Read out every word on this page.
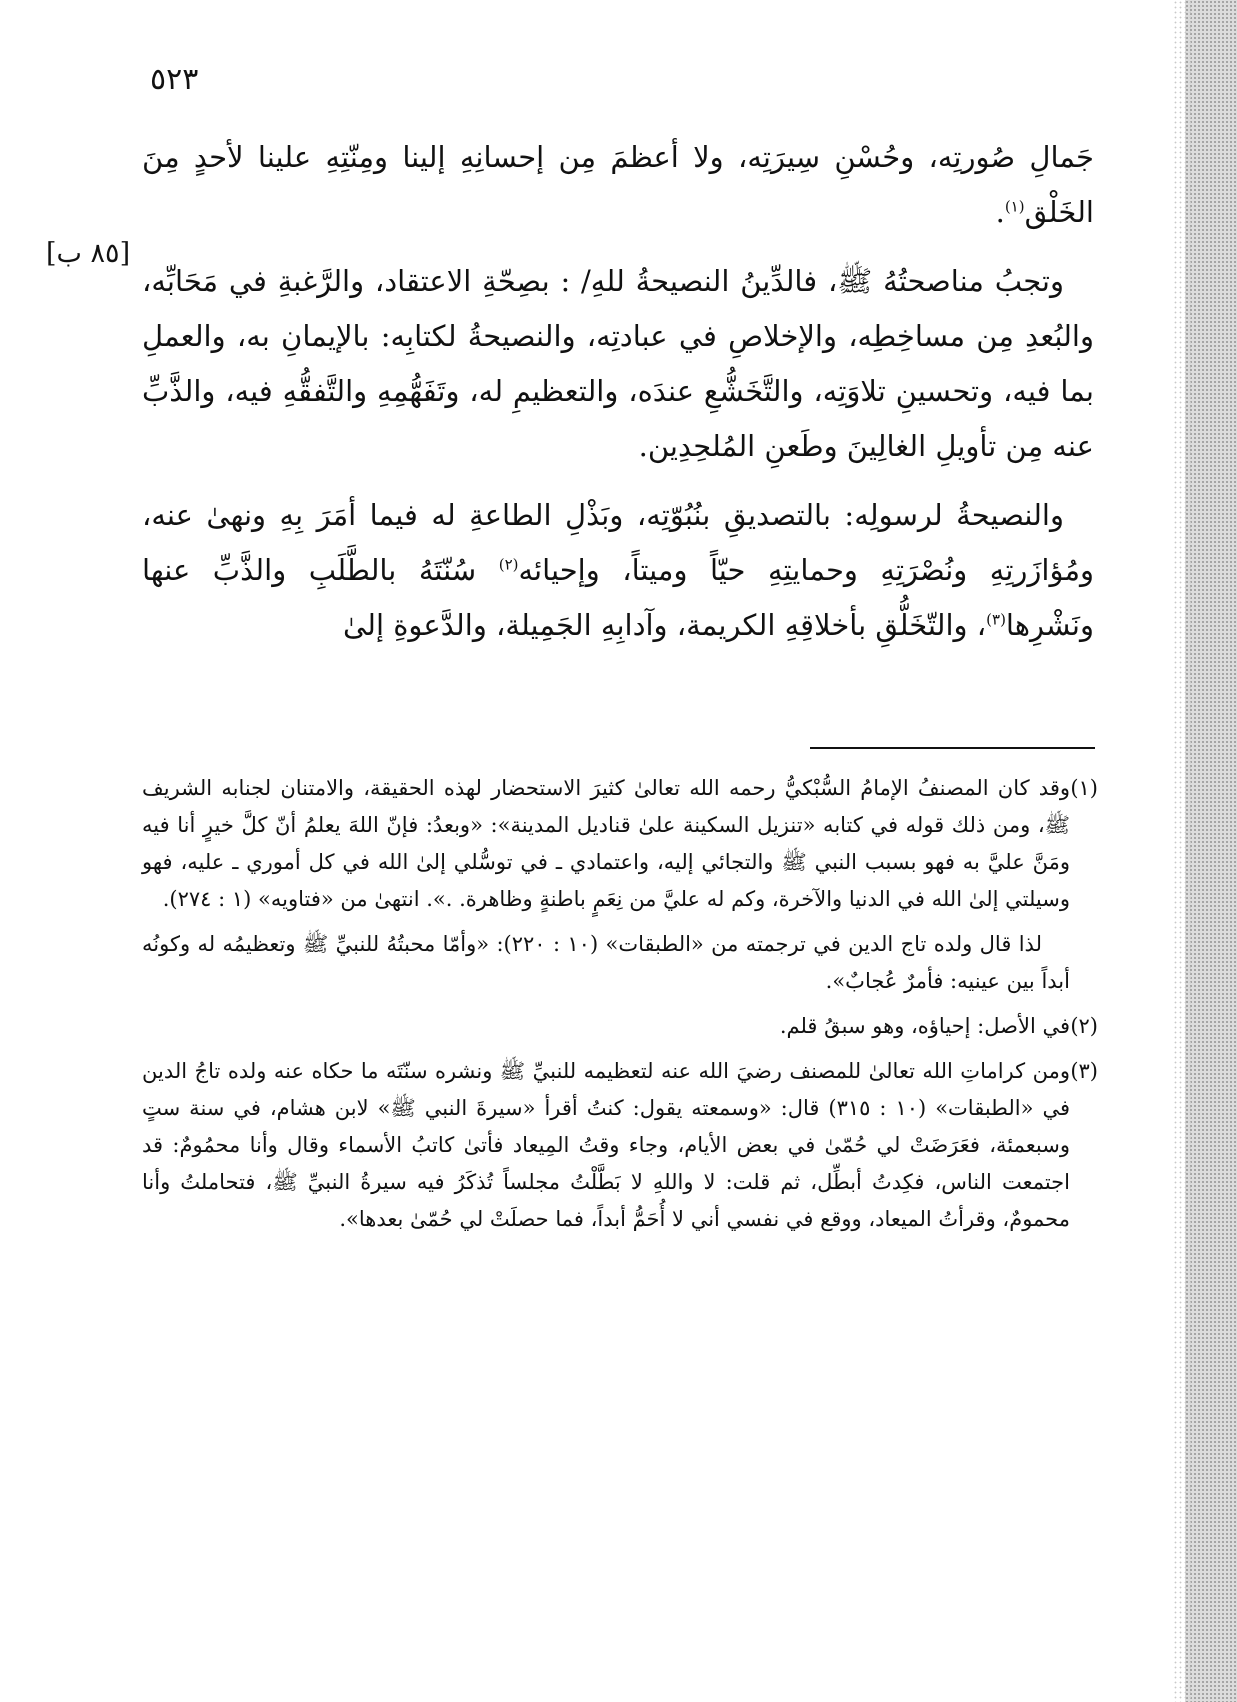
٥٢٣
[٨٥ ب]

جَمالِ صُورتِه، وحُسْنِ سِيرَتِه، ولا أعظمَ مِن إحسانِهِ إلينا ومِنّتِهِ علينا لأحدٍ مِنَ الخَلْق$^{(١)}$.

وتجبُ مناصحتُهُ ﷺ، فالدِّينُ النصيحةُ للهِ/ : بصِحّةِ الاعتقاد، والرَّغبةِ في مَحَابِّه، والبُعدِ مِن مساخِطِه، والإخلاصِ في عبادتِه، والنصيحةُ لكتابِه: بالإيمانِ به، والعملِ بما فيه، وتحسينِ تلاوَتِه، والتَّخَشُّعِ عندَه، والتعظيمِ له، وتَفَهُّمِهِ والتَّفقُّهِ فيه، والذَّبِّ عنه مِن تأويلِ الغالِينَ وطَعنِ المُلحِدِين.

والنصيحةُ لرسولِه: بالتصديقِ بنُبُوّتِه، وبَذْلِ الطاعةِ له فيما أمَرَ بِهِ ونهىٰ عنه، ومُؤازَرتِهِ ونُصْرَتِهِ وحمايتِهِ حيّاً وميتاً، وإحيائه$^{(٢)}$ سُنّتَهُ بالطَّلَبِ والذَّبِّ عنها ونَشْرِها$^{(٣)}$، والتّخَلُّقِ بأخلاقِهِ الكريمة، وآدابِهِ الجَمِيلة، والدَّعوةِ إلىٰ

(١)وقد كان المصنفُ الإمامُ السُّبْكيُّ رحمه الله تعالىٰ كثيرَ الاستحضار لهذه الحقيقة، والامتنان لجنابه الشريف ﷺ، ومن ذلك قوله في كتابه «تنزيل السكينة علىٰ قناديل المدينة»: «وبعدُ: فإنّ اللهَ يعلمُ أنّ كلَّ خيرٍ أنا فيه ومَنَّ عليَّ به فهو بسبب النبي ﷺ والتجائي إليه، واعتمادي ـ في توسُّلي إلىٰ الله في كل أموري ـ عليه، فهو وسيلتي إلىٰ الله في الدنيا والآخرة، وكم له عليَّ من نِعَمٍ باطنةٍ وظاهرة. .». انتهىٰ من «فتاويه» (١ : ٢٧٤).

لذا قال ولده تاج الدين في ترجمته من «الطبقات» (١٠ : ٢٢٠): «وأمّا محبتُهُ للنبيِّ ﷺ وتعظيمُه له وكونُه أبداً بين عينيه: فأمرٌ عُجابٌ».

(٢)في الأصل: إحياؤه، وهو سبقُ قلم.

(٣)ومن كراماتِ الله تعالىٰ للمصنف رضيَ الله عنه لتعظيمه للنبيِّ ﷺ ونشره سنّتَه ما حكاه عنه ولده تاجُ الدين في «الطبقات» (١٠ : ٣١٥) قال: «وسمعته يقول: كنتُ أقرأ «سيرةَ النبي ﷺ» لابن هشام، في سنة ستٍ وسبعمئة، فعَرَضَتْ لي حُمّىٰ في بعض الأيام، وجاء وقتُ المِيعاد فأتىٰ كاتبُ الأسماء وقال وأنا محمُومٌ: قد اجتمعت الناس، فكِدتُ أبطِّل، ثم قلت: لا واللهِ لا بَطَّلْتُ مجلساً تُذكَرُ فيه سيرةُ النبيِّ ﷺ، فتحاملتُ وأنا محمومٌ، وقرأتُ الميعاد، ووقع في نفسي أني لا أُحَمُّ أبداً، فما حصلَتْ لي حُمّىٰ بعدها».
